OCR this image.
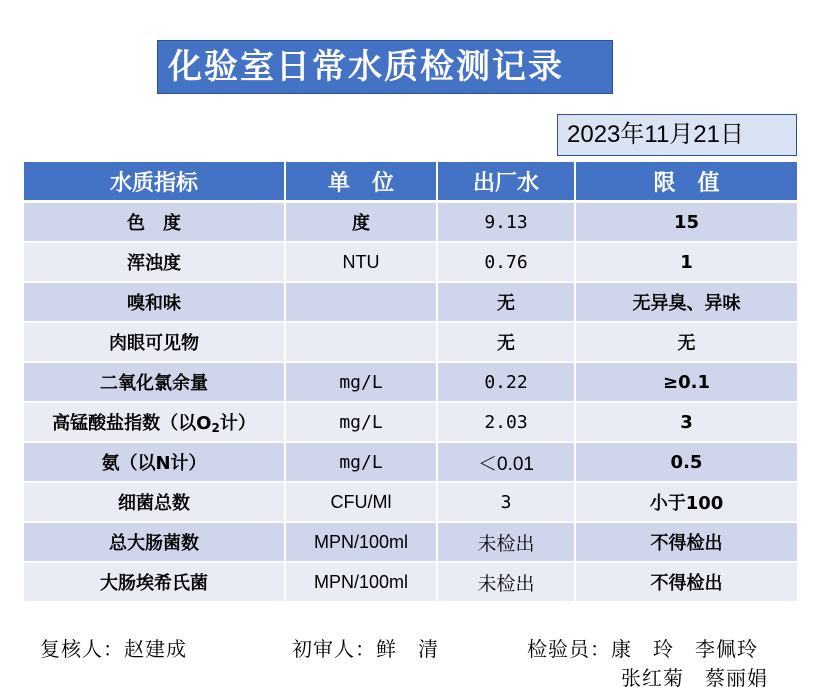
化验室日常水质检测记录
2023年11月21日
水质指标	单　位	出厂水	限　值
色　度	度	9.13	15
浑浊度	NTU	0.76	1
嗅和味		无	无异臭、异味
肉眼可见物		无	无
二氧化氯余量	mg/L	0.22	≥0.1
高锰酸盐指数（以$O_2$计）	mg/L	2.03	3
氨（以N计）	mg/L	＜0.01	0.5
细菌总数	CFU/Ml	3	小于100
总大肠菌数	MPN/100ml	未检出	不得检出
大肠埃希氏菌	MPN/100ml	未检出	不得检出
复核人：赵建成	初审人：鲜　清	检验员：康　玲　李佩玲
张红菊　蔡丽娟
